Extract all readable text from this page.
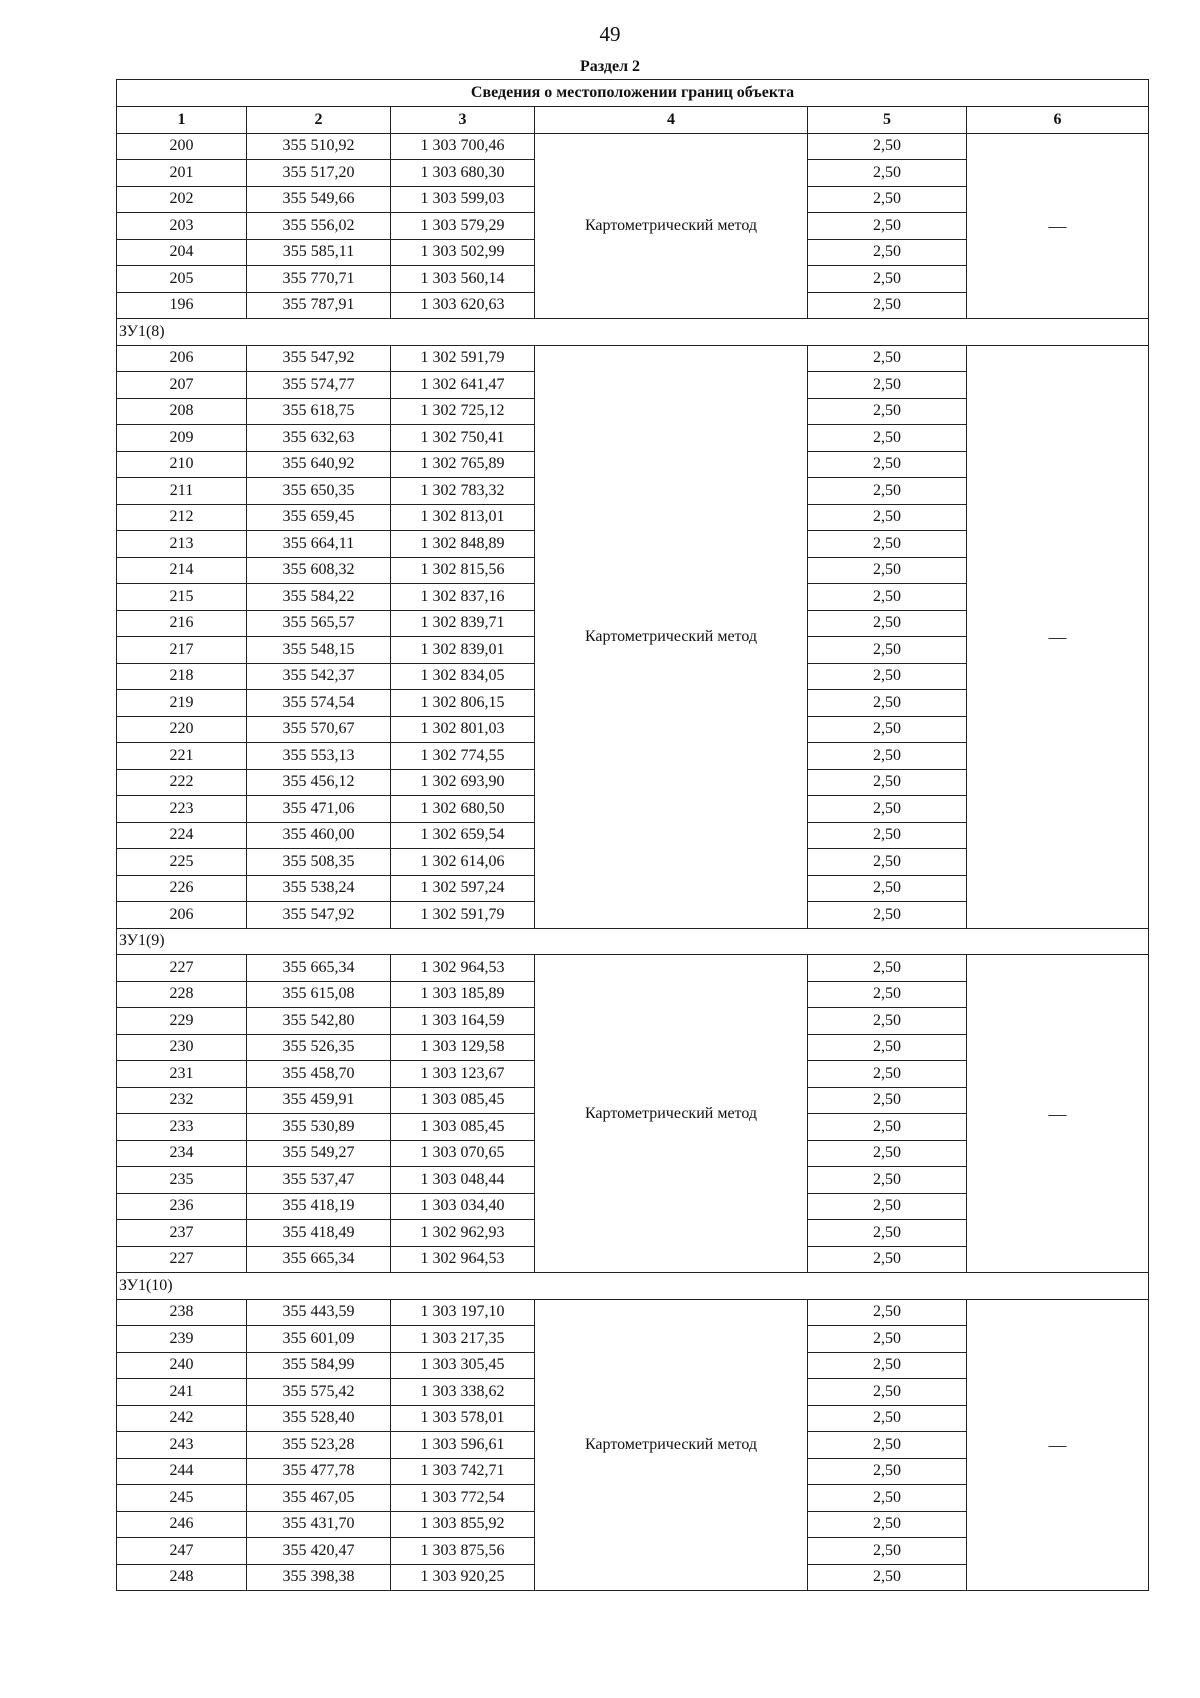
49
Раздел 2
Сведения о местоположении границ объекта					
1	2	3	4	5	6
200	355 510,92	1 303 700,46	Картометрический метод	2,50	—
201	355 517,20	1 303 680,30		2,50	
202	355 549,66	1 303 599,03		2,50	
203	355 556,02	1 303 579,29		2,50	
204	355 585,11	1 303 502,99		2,50	
205	355 770,71	1 303 560,14		2,50	
196	355 787,91	1 303 620,63		2,50	
ЗУ1(8)					
206	355 547,92	1 302 591,79	Картометрический метод	2,50	—
207	355 574,77	1 302 641,47		2,50	
208	355 618,75	1 302 725,12		2,50	
209	355 632,63	1 302 750,41		2,50	
210	355 640,92	1 302 765,89		2,50	
211	355 650,35	1 302 783,32		2,50	
212	355 659,45	1 302 813,01		2,50	
213	355 664,11	1 302 848,89		2,50	
214	355 608,32	1 302 815,56		2,50	
215	355 584,22	1 302 837,16		2,50	
216	355 565,57	1 302 839,71		2,50	
217	355 548,15	1 302 839,01		2,50	
218	355 542,37	1 302 834,05		2,50	
219	355 574,54	1 302 806,15		2,50	
220	355 570,67	1 302 801,03		2,50	
221	355 553,13	1 302 774,55		2,50	
222	355 456,12	1 302 693,90		2,50	
223	355 471,06	1 302 680,50		2,50	
224	355 460,00	1 302 659,54		2,50	
225	355 508,35	1 302 614,06		2,50	
226	355 538,24	1 302 597,24		2,50	
206	355 547,92	1 302 591,79		2,50	
ЗУ1(9)					
227	355 665,34	1 302 964,53	Картометрический метод	2,50	—
228	355 615,08	1 303 185,89		2,50	
229	355 542,80	1 303 164,59		2,50	
230	355 526,35	1 303 129,58		2,50	
231	355 458,70	1 303 123,67		2,50	
232	355 459,91	1 303 085,45		2,50	
233	355 530,89	1 303 085,45		2,50	
234	355 549,27	1 303 070,65		2,50	
235	355 537,47	1 303 048,44		2,50	
236	355 418,19	1 303 034,40		2,50	
237	355 418,49	1 302 962,93		2,50	
227	355 665,34	1 302 964,53		2,50	
ЗУ1(10)					
238	355 443,59	1 303 197,10	Картометрический метод	2,50	—
239	355 601,09	1 303 217,35		2,50	
240	355 584,99	1 303 305,45		2,50	
241	355 575,42	1 303 338,62		2,50	
242	355 528,40	1 303 578,01		2,50	
243	355 523,28	1 303 596,61		2,50	
244	355 477,78	1 303 742,71		2,50	
245	355 467,05	1 303 772,54		2,50	
246	355 431,70	1 303 855,92		2,50	
247	355 420,47	1 303 875,56		2,50	
248	355 398,38	1 303 920,25		2,50	
